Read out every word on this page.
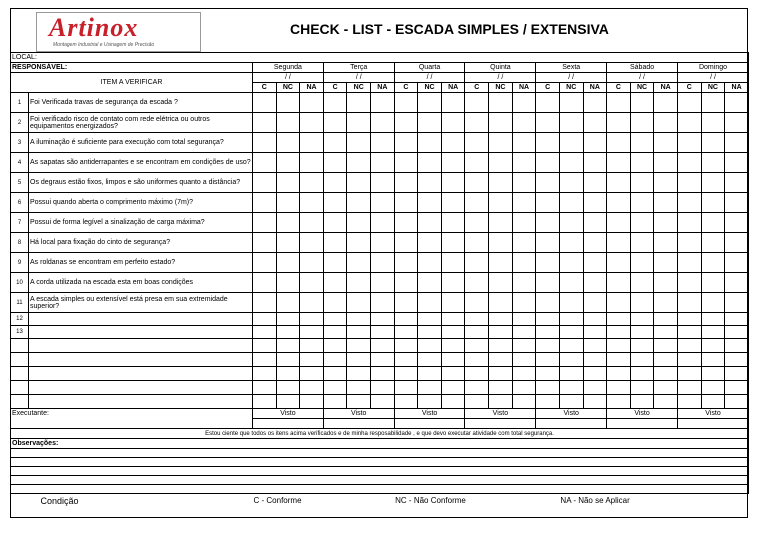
Artinox
Montagem Industrial e Usinagem de Precisão
CHECK - LIST - ESCADA SIMPLES / EXTENSIVA
LOCAL:																						
RESPONSÁVEL:		Segunda			Terça			Quarta			Quinta			Sexta			Sábado			Domingo		
ITEM A VERIFICAR		/ /			/ /			/ /			/ /			/ /			/ /			/ /		
		C	NC	NA	C	NC	NA	C	NC	NA	C	NC	NA	C	NC	NA	C	NC	NA	C	NC	NA
1	Foi Verificada travas de segurança da escada ?																					
2	Foi verificado risco de contato com rede elétrica ou outros equipamentos energizados?																					
3	A iluminação é suficiente para execução com total segurança?																					
4	As sapatas são antiderrapantes e se encontram em condições de uso?																					
5	Os degraus estão fixos, limpos e são uniformes quanto a distância?																					
6	Possui quando aberta o comprimento máximo (7m)?																					
7	Possui de forma legível a sinalização de carga máxima?																					
8	Há local para fixação do cinto de segurança?																					
9	As roldanas se encontram em perfeito estado?																					
10	A corda utilizada na escada esta em boas condições																					
11	A escada simples ou extensível está presa em sua extremidade superior?																					
12																						
13																						

Executante:		Visto			Visto			Visto			Visto			Visto			Visto			Visto		

Estou ciente que todos os itens acima verificados e de minha resposabilidade , e que devo executar atividade com total segurança.																						
Observações:																						

Condição		C - Conforme						NC - Não Conforme							NA - Não se Aplicar							
